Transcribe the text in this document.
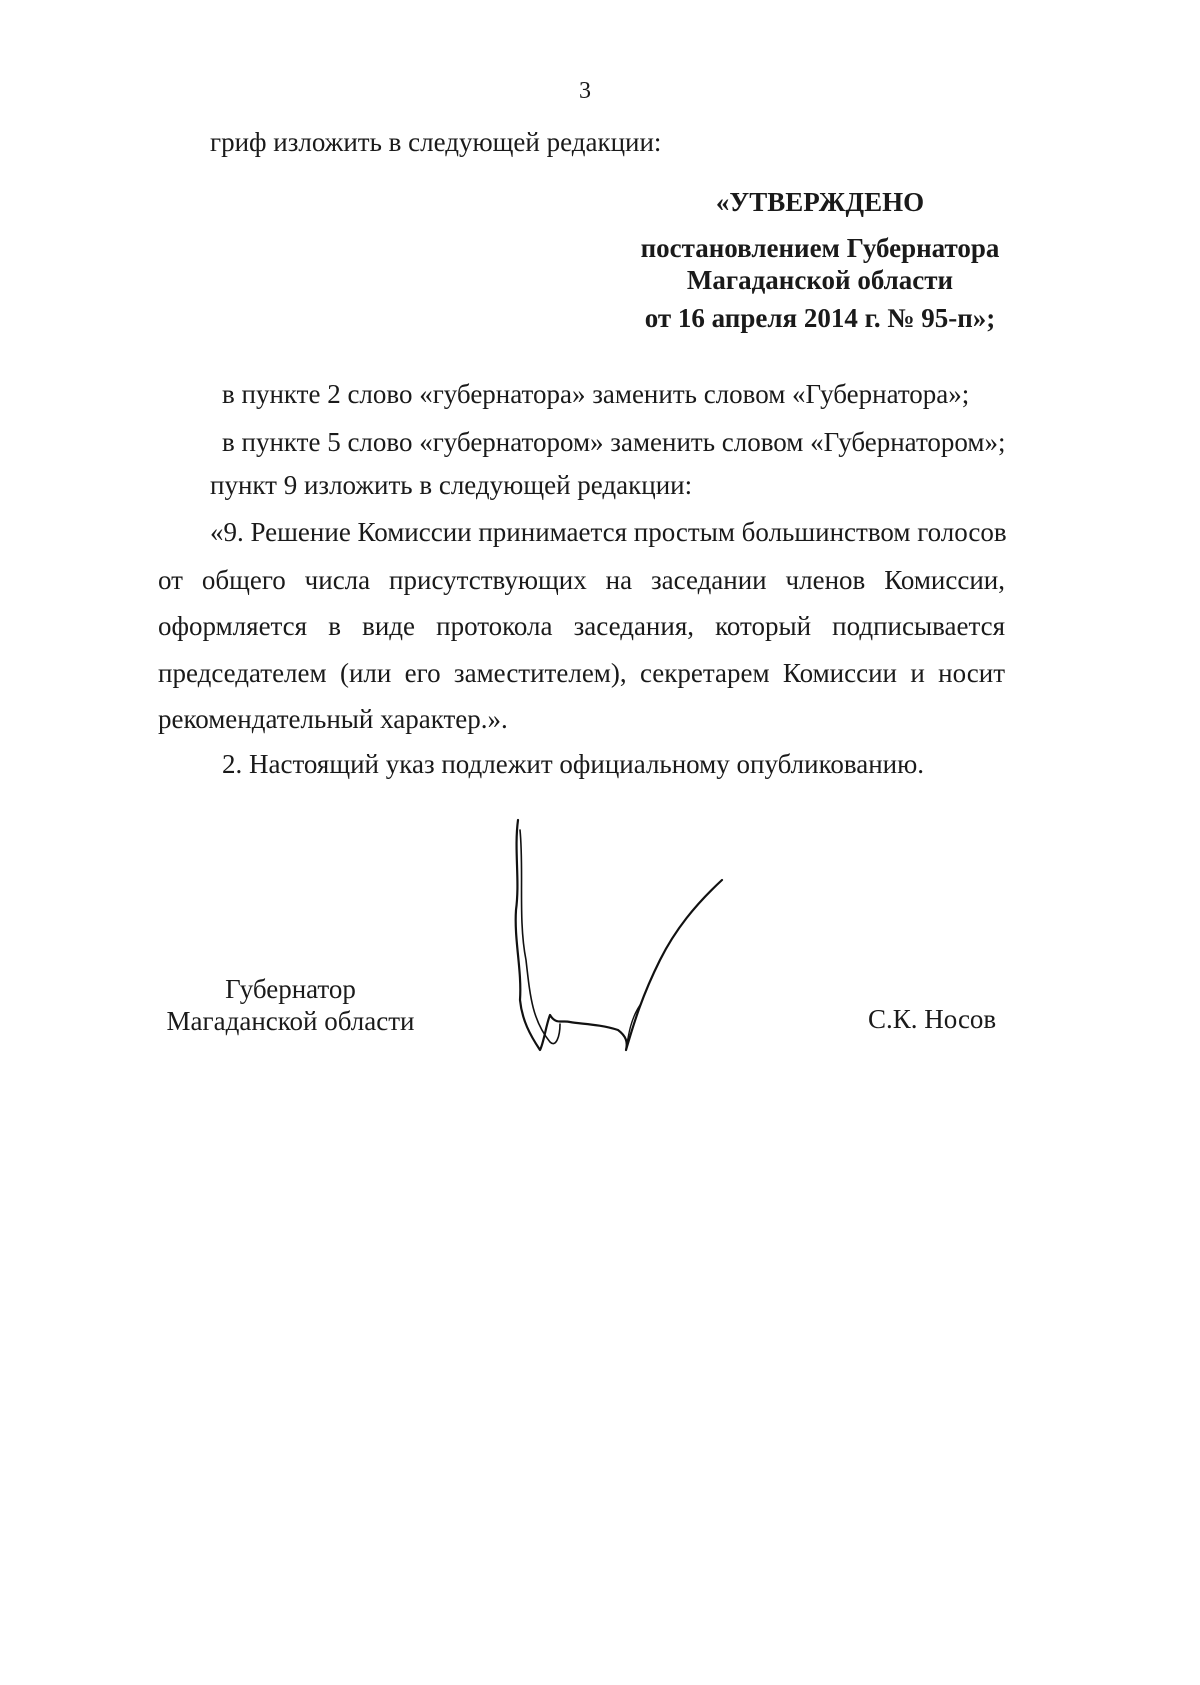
3
гриф изложить в следующей редакции:
«УТВЕРЖДЕНО
постановлением Губернатора
Магаданской области
от 16 апреля 2014 г. № 95-п»;
в пункте 2 слово «губернатора» заменить словом «Губернатора»;
в пункте 5 слово «губернатором» заменить словом «Губернатором»;
пункт 9 изложить в следующей редакции:
«9. Решение Комиссии принимается простым большинством голосов
от общего числа присутствующих на заседании членов Комиссии,
оформляется в виде протокола заседания, который подписывается
председателем (или его заместителем), секретарем Комиссии и носит
рекомендательный характер.».
2. Настоящий указ подлежит официальному опубликованию.
Губернатор
Магаданской области	С.К. Носов
